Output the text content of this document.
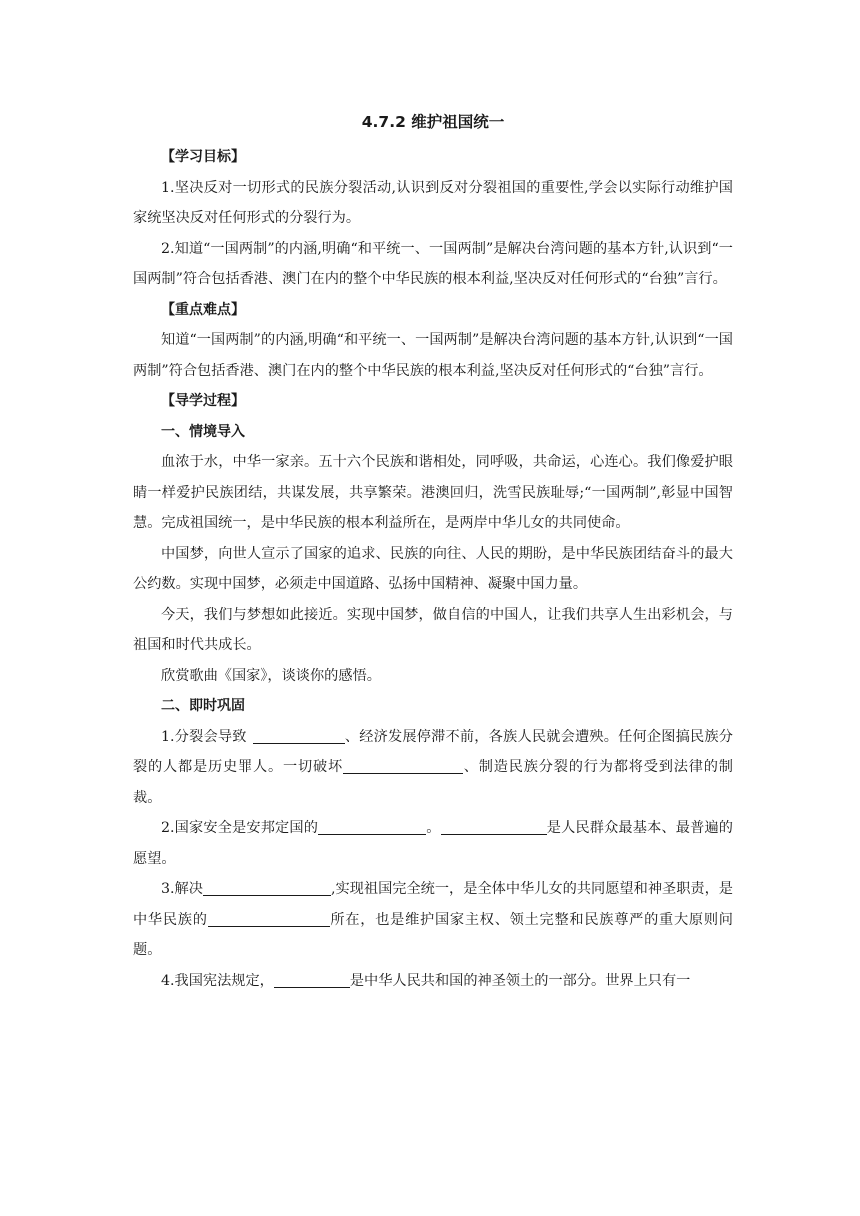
4.7.2 维护祖国统一
【学习目标】

1.坚决反对一切形式的民族分裂活动,认识到反对分裂祖国的重要性,学会以实际行动维护国家统坚决反对任何形式的分裂行为。

2.知道“一国两制”的内涵,明确“和平统一、一国两制”是解决台湾问题的基本方针,认识到“一国两制”符合包括香港、澳门在内的整个中华民族的根本利益,坚决反对任何形式的“台独”言行。

【重点难点】

知道“一国两制”的内涵,明确“和平统一、一国两制”是解决台湾问题的基本方针,认识到“一国两制”符合包括香港、澳门在内的整个中华民族的根本利益,坚决反对任何形式的“台独”言行。

【导学过程】
一、情境导入

血浓于水，中华一家亲。五十六个民族和谐相处，同呼吸，共命运，心连心。我们像爱护眼睛一样爱护民族团结，共谋发展，共享繁荣。港澳回归，洗雪民族耻辱;“一国两制”,彰显中国智慧。完成祖国统一，是中华民族的根本利益所在，是两岸中华儿女的共同使命。

中国梦，向世人宣示了国家的追求、民族的向往、人民的期盼，是中华民族团结奋斗的最大公约数。实现中国梦，必须走中国道路、弘扬中国精神、凝聚中国力量。

今天，我们与梦想如此接近。实现中国梦，做自信的中国人，让我们共享人生出彩机会，与祖国和时代共成长。

欣赏歌曲《国家》，谈谈你的感悟。

二、即时巩固

1.分裂会导致	、经济发展停滞不前，各族人民就会遭殃。任何企图搞民族分裂的人都是历史罪人。一切破坏	、制造民族分裂的行为都将受到法律的制裁。

2.国家安全是安邦定国的	。	是人民群众最基本、最普遍的愿望。

3.解决	,实现祖国完全统一，是全体中华儿女的共同愿望和神圣职责，是中华民族的	所在，也是维护国家主权、领土完整和民族尊严的重大原则问题。

4.我国宪法规定，	是中华人民共和国的神圣领土的一部分。世界上只有一
